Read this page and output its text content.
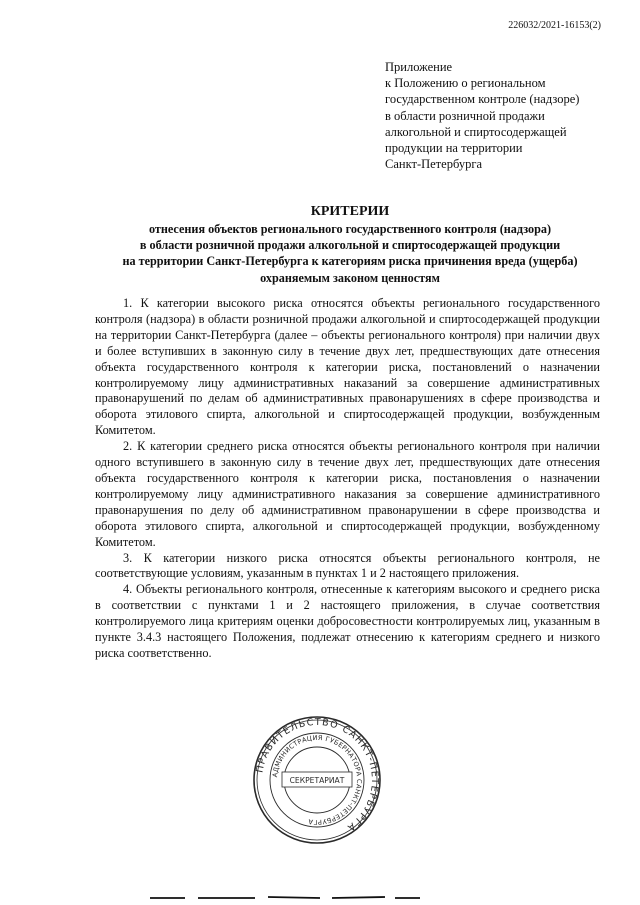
226032/2021-16153(2)
Приложение
к Положению о региональном
государственном контроле (надзоре)
в области розничной продажи
алкогольной и спиртосодержащей
продукции на территории
Санкт-Петербурга
КРИТЕРИИ
отнесения объектов регионального государственного контроля (надзора)
в области розничной продажи алкогольной и спиртосодержащей продукции
на территории Санкт-Петербурга к категориям риска причинения вреда (ущерба)
охраняемым законом ценностям

1. К категории высокого риска относятся объекты регионального государственного контроля (надзора) в области розничной продажи алкогольной и спиртосодержащей продукции на территории Санкт-Петербурга (далее – объекты регионального контроля) при наличии двух и более вступивших в законную силу в течение двух лет, предшествующих дате отнесения объекта государственного контроля к категории риска, постановлений о назначении контролируемому лицу административных наказаний за совершение административных правонарушений по делам об административных правонарушениях в сфере производства и оборота этилового спирта, алкогольной и спиртосодержащей продукции, возбужденным Комитетом.

2. К категории среднего риска относятся объекты регионального контроля при наличии одного вступившего в законную силу в течение двух лет, предшествующих дате отнесения объекта государственного контроля к категории риска, постановления о назначении контролируемому лицу административного наказания за совершение административного правонарушения по делу об административном правонарушении в сфере производства и оборота этилового спирта, алкогольной и спиртосодержащей продукции, возбужденному Комитетом.

3. К категории низкого риска относятся объекты регионального контроля, не соответствующие условиям, указанным в пунктах 1 и 2 настоящего приложения.

4. Объекты регионального контроля, отнесенные к категориям высокого и среднего риска в соответствии с пунктами 1 и 2 настоящего приложения, в случае соответствия контролируемого лица критериям оценки добросовестности контролируемых лиц, указанным в пункте 3.4.3 настоящего Положения, подлежат отнесению к категориям среднего и низкого риска соответственно.

ПРАВИТЕЛЬСТВО САНКТ-ПЕТЕРБУРГА
АДМИНИСТРАЦИЯ ГУБЕРНАТОРА САНКТ-ПЕТЕРБУРГА
СЕКРЕТАРИАТ
